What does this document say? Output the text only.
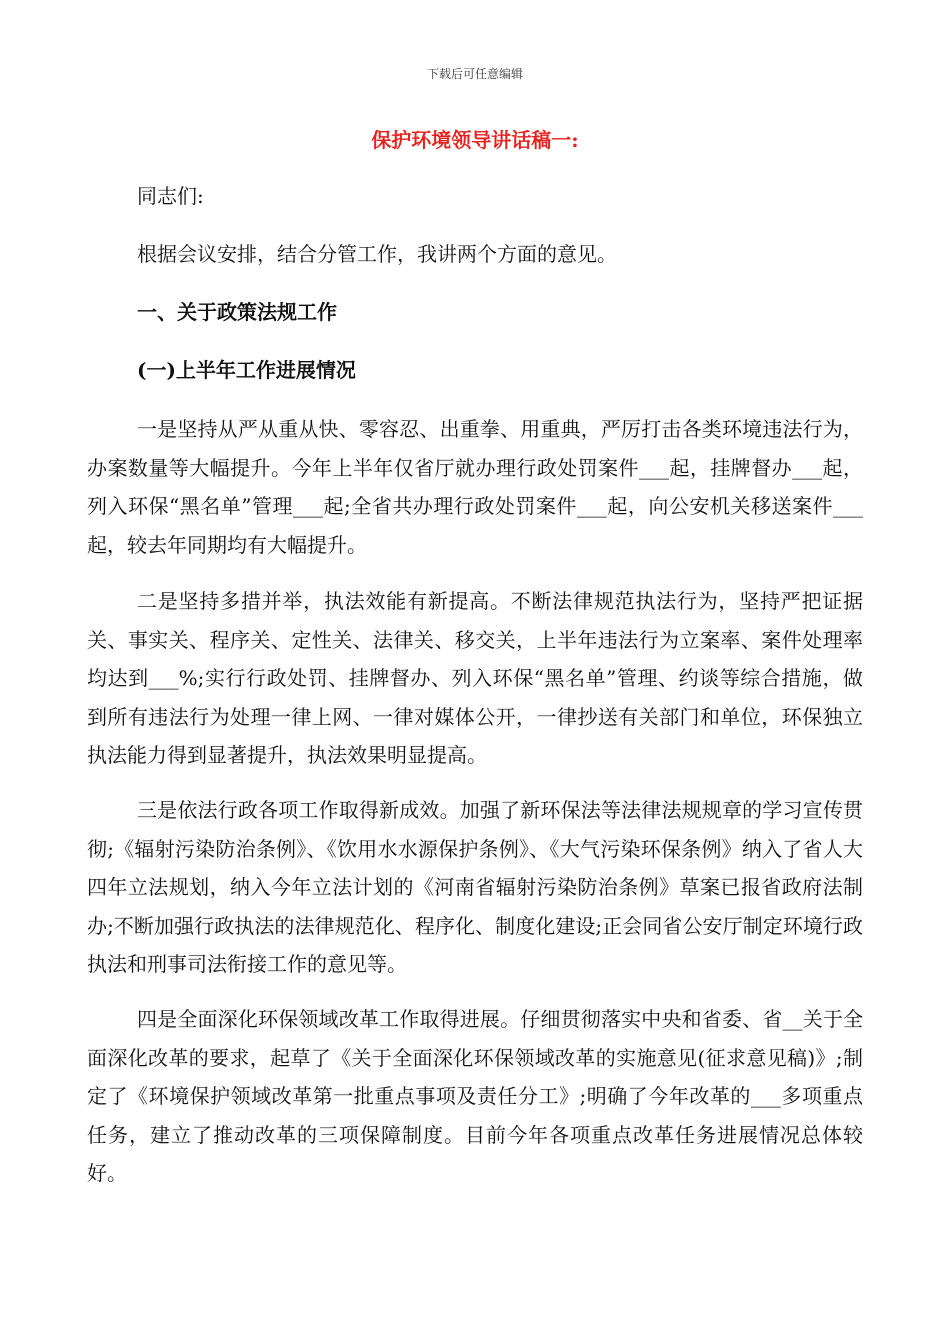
下载后可任意编辑
保护环境领导讲话稿一:

同志们:

根据会议安排，结合分管工作，我讲两个方面的意见。

一、关于政策法规工作

(一)上半年工作进展情况

一是坚持从严从重从快、零容忍、出重拳、用重典，严厉打击各类环境违法行为，办案数量等大幅提升。今年上半年仅省厅就办理行政处罚案件___起，挂牌督办___起，列入环保“黑名单”管理___起;全省共办理行政处罚案件___起，向公安机关移送案件___起，较去年同期均有大幅提升。

二是坚持多措并举，执法效能有新提高。不断法律规范执法行为，坚持严把证据关、事实关、程序关、定性关、法律关、移交关，上半年违法行为立案率、案件处理率均达到___%;实行行政处罚、挂牌督办、列入环保“黑名单”管理、约谈等综合措施，做到所有违法行为处理一律上网、一律对媒体公开，一律抄送有关部门和单位，环保独立执法能力得到显著提升，执法效果明显提高。

三是依法行政各项工作取得新成效。加强了新环保法等法律法规规章的学习宣传贯彻;《辐射污染防治条例》、《饮用水水源保护条例》、《大气污染环保条例》纳入了省人大四年立法规划，纳入今年立法计划的《河南省辐射污染防治条例》草案已报省政府法制办;不断加强行政执法的法律规范化、程序化、制度化建设;正会同省公安厅制定环境行政执法和刑事司法衔接工作的意见等。

四是全面深化环保领域改革工作取得进展。仔细贯彻落实中央和省委、省__关于全面深化改革的要求，起草了《关于全面深化环保领域改革的实施意见(征求意见稿)》;制定了《环境保护领域改革第一批重点事项及责任分工》;明确了今年改革的___多项重点任务，建立了推动改革的三项保障制度。目前今年各项重点改革任务进展情况总体较好。
